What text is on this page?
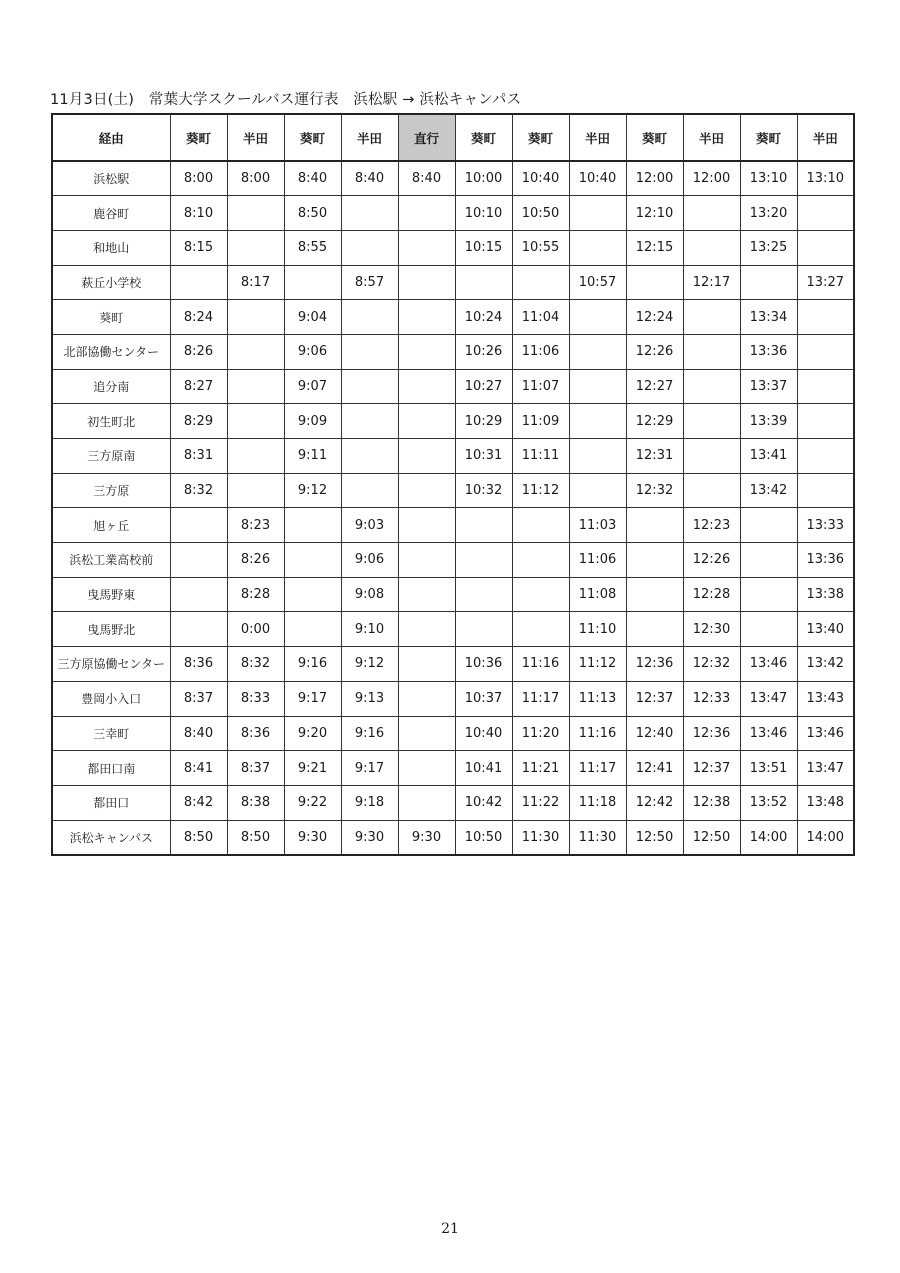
11月3日(土)　常葉大学スクールバス運行表　浜松駅 → 浜松キャンパス
経由	葵町	半田	葵町	半田	直行	葵町	葵町	半田	葵町	半田	葵町	半田
浜松駅	8:00	8:00	8:40	8:40	8:40	10:00	10:40	10:40	12:00	12:00	13:10	13:10
鹿谷町	8:10		8:50			10:10	10:50		12:10		13:20	
和地山	8:15		8:55			10:15	10:55		12:15		13:25	
萩丘小学校		8:17		8:57				10:57		12:17		13:27
葵町	8:24		9:04			10:24	11:04		12:24		13:34	
北部協働センター	8:26		9:06			10:26	11:06		12:26		13:36	
追分南	8:27		9:07			10:27	11:07		12:27		13:37	
初生町北	8:29		9:09			10:29	11:09		12:29		13:39	
三方原南	8:31		9:11			10:31	11:11		12:31		13:41	
三方原	8:32		9:12			10:32	11:12		12:32		13:42	
旭ヶ丘		8:23		9:03				11:03		12:23		13:33
浜松工業高校前		8:26		9:06				11:06		12:26		13:36
曳馬野東		8:28		9:08				11:08		12:28		13:38
曳馬野北		0:00		9:10				11:10		12:30		13:40
三方原協働センター	8:36	8:32	9:16	9:12		10:36	11:16	11:12	12:36	12:32	13:46	13:42
豊岡小入口	8:37	8:33	9:17	9:13		10:37	11:17	11:13	12:37	12:33	13:47	13:43
三幸町	8:40	8:36	9:20	9:16		10:40	11:20	11:16	12:40	12:36	13:46	13:46
都田口南	8:41	8:37	9:21	9:17		10:41	11:21	11:17	12:41	12:37	13:51	13:47
都田口	8:42	8:38	9:22	9:18		10:42	11:22	11:18	12:42	12:38	13:52	13:48
浜松キャンパス	8:50	8:50	9:30	9:30	9:30	10:50	11:30	11:30	12:50	12:50	14:00	14:00
21
